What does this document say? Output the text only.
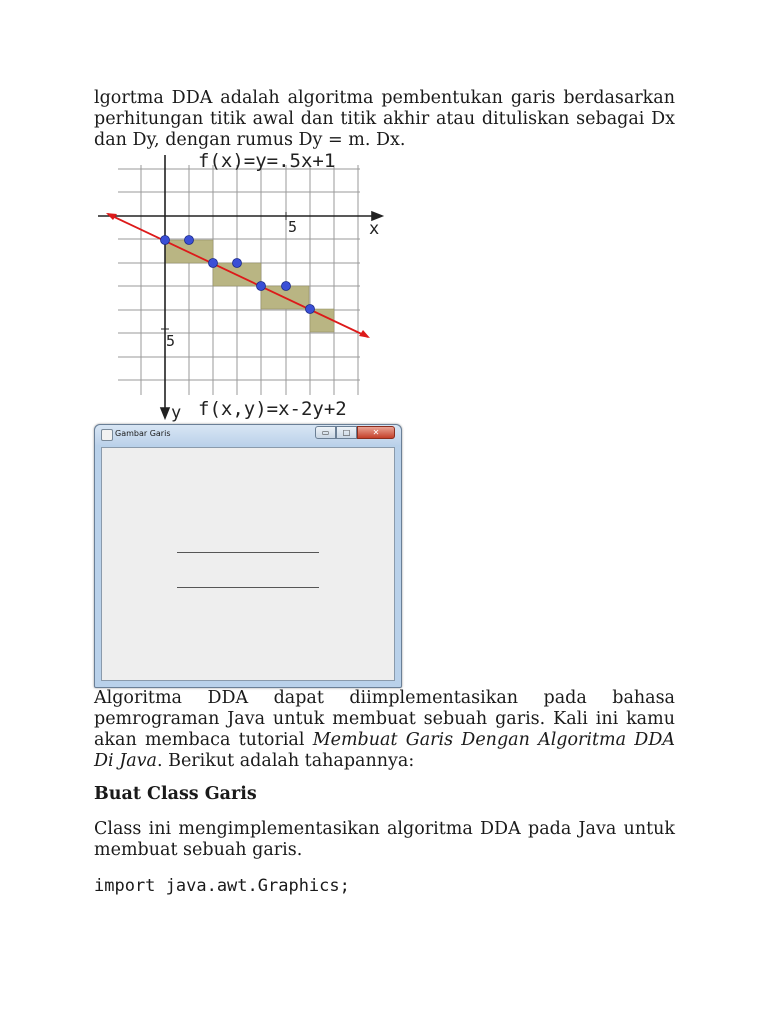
lgortma DDA adalah algoritma pembentukan garis berdasarkan perhitungan titik awal dan titik akhir atau dituliskan sebagai Dx dan Dy, dengan rumus Dy = m. Dx.

5
5
x
y
f(x)=y=.5x+1
f(x,y)=x-2y+2
Gambar Garis	▭	□	✕

Algoritma DDA dapat diimplementasikan pada bahasa pemrograman Java untuk membuat sebuah garis. Kali ini kamu akan membaca tutorial Membuat Garis Dengan Algoritma DDA Di Java. Berikut adalah tahapannya:

Buat Class Garis

Class ini mengimplementasikan algoritma DDA pada Java untuk membuat sebuah garis.

import java.awt.Graphics;
